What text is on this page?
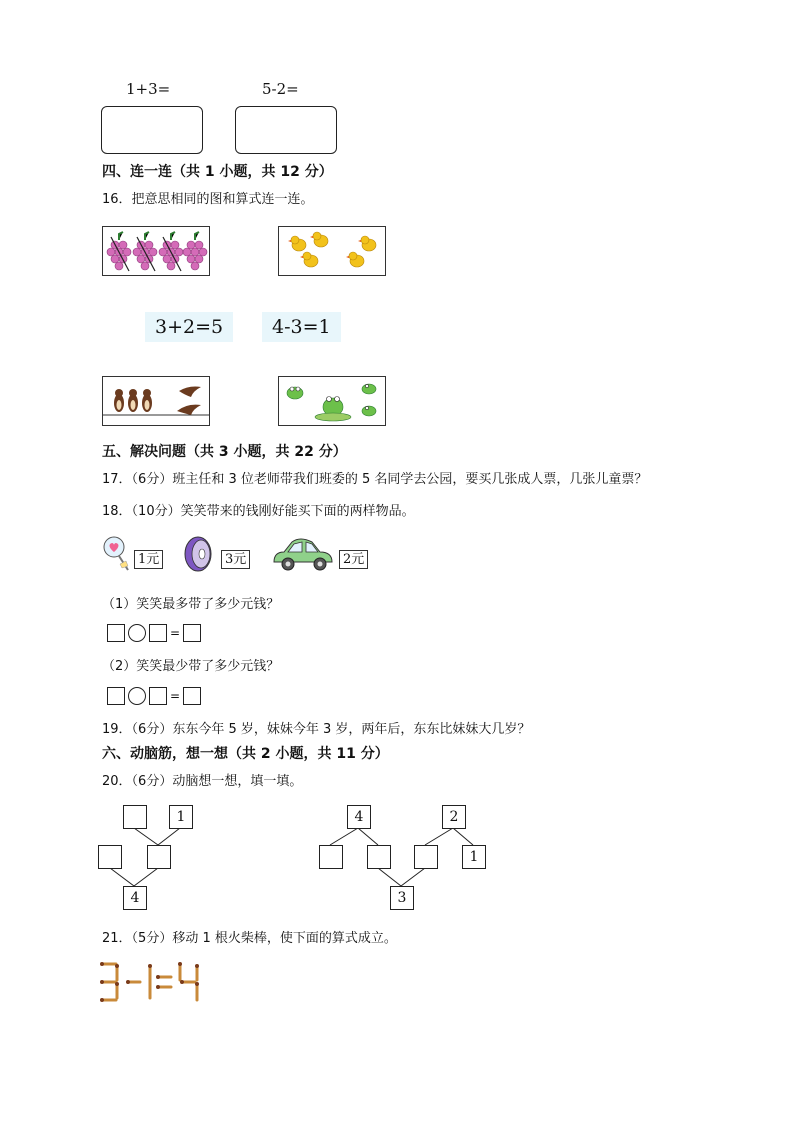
1+3=	5-2=
四、连一连（共 1 小题，共 12 分）
16．把意思相同的图和算式连一连。
3+2=5	4-3=1
五、解决问题（共 3 小题，共 22 分）
17．（6分）班主任和 3 位老师带我们班委的 5 名同学去公园，要买几张成人票，几张儿童票？
18．（10分）笑笑带来的钱刚好能买下面的两样物品。
1元	3元	2元
（1）笑笑最多带了多少元钱？
=
（2）笑笑最少带了多少元钱？
=
19．（6分）东东今年 5 岁，妹妹今年 3 岁，两年后，东东比妹妹大几岁？
六、动脑筋，想一想（共 2 小题，共 11 分）
20．（6分）动脑想一想，填一填。
1
4
4	2
1
3
21．（5分）移动 1 根火柴棒，使下面的算式成立。
